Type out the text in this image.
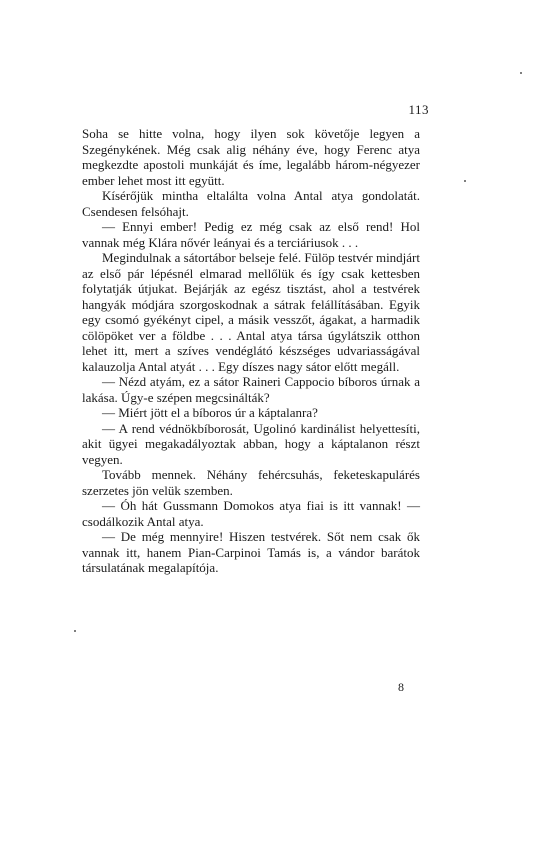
113

Soha se hitte volna, hogy ilyen sok követője legyen a Szegénykének. Még csak alig néhány éve, hogy Ferenc atya megkezdte apostoli munkáját és íme, legalább három-négyezer ember lehet most itt együtt.

Kísérőjük mintha eltalálta volna Antal atya gondolatát. Csendesen felsóhajt.

— Ennyi ember! Pedig ez még csak az első rend! Hol vannak még Klára nővér leányai és a terciáriusok . . .

Megindulnak a sátortábor belseje felé. Fülöp testvér mindjárt az első pár lépésnél elmarad mellőlük és így csak kettesben folytatják útjukat. Bejárják az egész tisztást, ahol a testvérek hangyák módjára szorgoskodnak a sátrak felállításában. Egyik egy csomó gyékényt cipel, a másik vesszőt, ágakat, a harmadik cölöpöket ver a földbe . . . Antal atya társa úgylátszik otthon lehet itt, mert a szíves vendéglátó készséges udvariasságával kalauzolja Antal atyát . . . Egy díszes nagy sátor előtt megáll.

— Nézd atyám, ez a sátor Raineri Cappocio bíboros úrnak a lakása. Úgy-e szépen megcsinálták?

— Miért jött el a bíboros úr a káptalanra?

— A rend védnökbíborosát, Ugolinó kardinálist helyettesíti, akit ügyei megakadályoztak abban, hogy a káptalanon részt vegyen.

Tovább mennek. Néhány fehércsuhás, feketeskapulárés szerzetes jön velük szemben.

— Óh hát Gussmann Domokos atya fiai is itt vannak! — csodálkozik Antal atya.

— De még mennyire! Hiszen testvérek. Sőt nem csak ők vannak itt, hanem Pian-Carpinoi Tamás is, a vándor barátok társulatának megalapítója.

8
